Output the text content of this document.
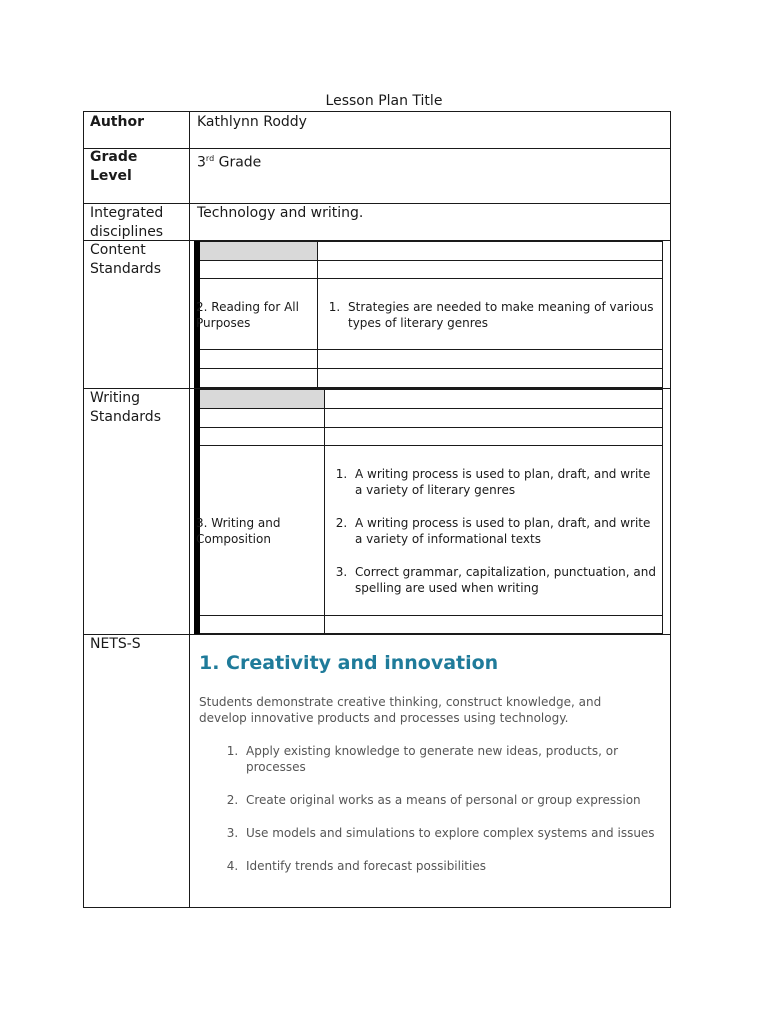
Lesson Plan Title
Author	Kathlynn Roddy
Grade Level
3rd Grade
Integrated disciplines
Technology and writing.
Content Standards
2. Reading for All Purposes
1. Strategies are needed to make meaning of various types of literary genres
Writing Standards
3. Writing and Composition
1. A writing process is used to plan, draft, and write a variety of literary genres
2. A writing process is used to plan, draft, and write a variety of informational texts
3. Correct grammar, capitalization, punctuation, and spelling are used when writing
NETS-S
1. Creativity and innovation
Students demonstrate creative thinking, construct knowledge, and develop innovative products and processes using technology.
1. Apply existing knowledge to generate new ideas, products, or processes
2. Create original works as a means of personal or group expression
3. Use models and simulations to explore complex systems and issues
4. Identify trends and forecast possibilities
